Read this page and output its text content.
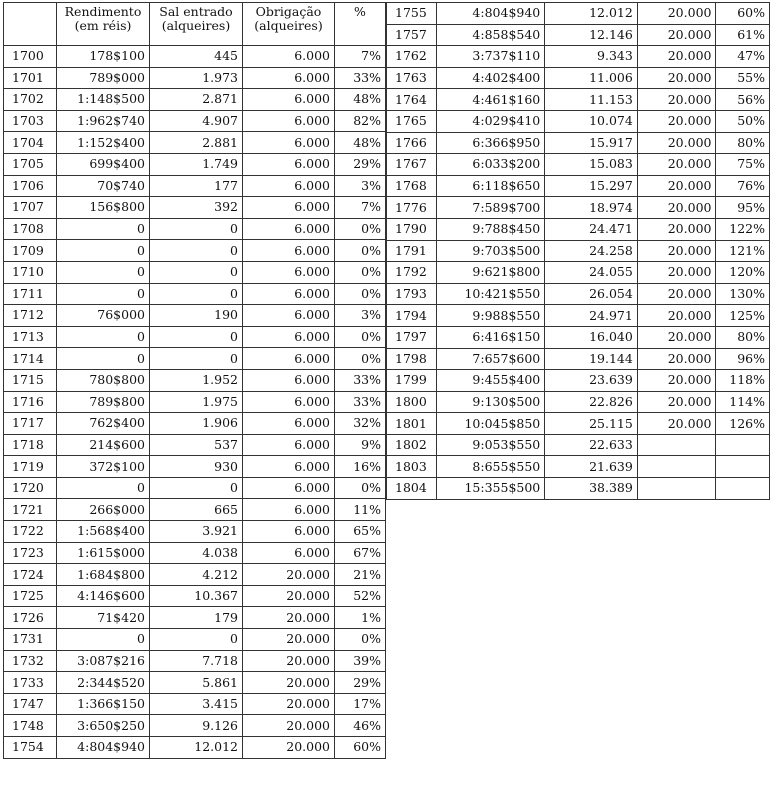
	Rendimento (em réis)	Sal entrado (alqueires)	Obrigação (alqueires)	%
1700	178$100	445	6.000	7%
1701	789$000	1.973	6.000	33%
1702	1:148$500	2.871	6.000	48%
1703	1:962$740	4.907	6.000	82%
1704	1:152$400	2.881	6.000	48%
1705	699$400	1.749	6.000	29%
1706	70$740	177	6.000	3%
1707	156$800	392	6.000	7%
1708	0	0	6.000	0%
1709	0	0	6.000	0%
1710	0	0	6.000	0%
1711	0	0	6.000	0%
1712	76$000	190	6.000	3%
1713	0	0	6.000	0%
1714	0	0	6.000	0%
1715	780$800	1.952	6.000	33%
1716	789$800	1.975	6.000	33%
1717	762$400	1.906	6.000	32%
1718	214$600	537	6.000	9%
1719	372$100	930	6.000	16%
1720	0	0	6.000	0%
1721	266$000	665	6.000	11%
1722	1:568$400	3.921	6.000	65%
1723	1:615$000	4.038	6.000	67%
1724	1:684$800	4.212	20.000	21%
1725	4:146$600	10.367	20.000	52%
1726	71$420	179	20.000	1%
1731	0	0	20.000	0%
1732	3:087$216	7.718	20.000	39%
1733	2:344$520	5.861	20.000	29%
1747	1:366$150	3.415	20.000	17%
1748	3:650$250	9.126	20.000	46%
1754	4:804$940	12.012	20.000	60%
1755	4:804$940	12.012	20.000	60%
1757	4:858$540	12.146	20.000	61%
1762	3:737$110	9.343	20.000	47%
1763	4:402$400	11.006	20.000	55%
1764	4:461$160	11.153	20.000	56%
1765	4:029$410	10.074	20.000	50%
1766	6:366$950	15.917	20.000	80%
1767	6:033$200	15.083	20.000	75%
1768	6:118$650	15.297	20.000	76%
1776	7:589$700	18.974	20.000	95%
1790	9:788$450	24.471	20.000	122%
1791	9:703$500	24.258	20.000	121%
1792	9:621$800	24.055	20.000	120%
1793	10:421$550	26.054	20.000	130%
1794	9:988$550	24.971	20.000	125%
1797	6:416$150	16.040	20.000	80%
1798	7:657$600	19.144	20.000	96%
1799	9:455$400	23.639	20.000	118%
1800	9:130$500	22.826	20.000	114%
1801	10:045$850	25.115	20.000	126%
1802	9:053$550	22.633		
1803	8:655$550	21.639		
1804	15:355$500	38.389		
